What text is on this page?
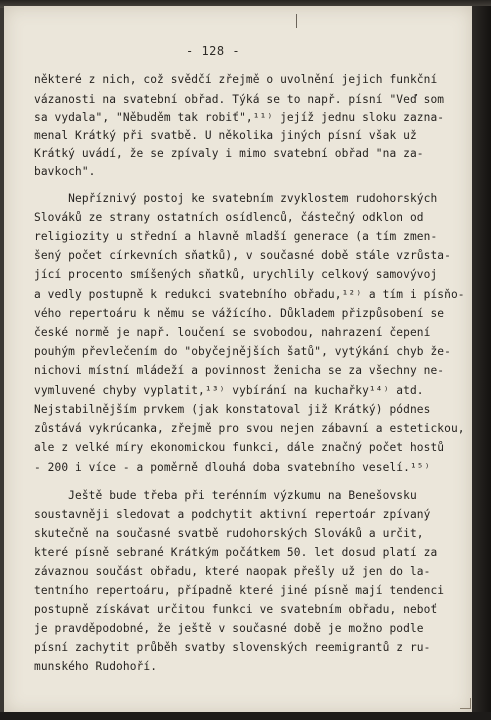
- 128 -
některé z nich, což svědčí zřejmě o uvolnění jejich funkční
vázanosti na svatební obřad. Týká se to např. písní "Veď som
sa vydala", "Něbuděm tak robiť",¹¹⁾ jejíž jednu sloku zazna-
menal Krátký při svatbě. U několika jiných písní však už
Krátký uvádí, že se zpívaly i mimo svatební obřad "na za-
bavkoch".
Nepříznivý postoj ke svatebním zvyklostem rudohorských
Slováků ze strany ostatních osídlenců, částečný odklon od
religiozity u střední a hlavně mladší generace (a tím zmen-
šený počet církevních sňatků), v současné době stále vzrůsta-
jící procento smíšených sňatků, urychlily celkový samovývoj
a vedly postupně k redukci svatebního obřadu,¹²⁾ a tím i písňo-
vého repertoáru k němu se vážícího. Důkladem přizpůsobení se
české normě je např. loučení se svobodou, nahrazení čepení
pouhým převlečením do "obyčejnějších šatů", vytýkání chyb že-
nichovi místní mládeží a povinnost ženicha se za všechny ne-
vymluvené chyby vyplatit,¹³⁾ vybírání na kuchařky¹⁴⁾ atd.
Nejstabilnějším prvkem (jak konstatoval již Krátký) pódnes
zůstává vykrúcanka, zřejmě pro svou nejen zábavní a estetickou,
ale z velké míry ekonomickou funkci, dále značný počet hostů
- 200 i více - a poměrně dlouhá doba svatebního veselí.¹⁵⁾
Ještě bude třeba při terénním výzkumu na Benešovsku
soustavněji sledovat a podchytit aktivní repertoár zpívaný
skutečně na současné svatbě rudohorských Slováků a určit,
které písně sebrané Krátkým počátkem 50. let dosud platí za
závaznou součást obřadu, které naopak přešly už jen do la-
tentního repertoáru, případně které jiné písně mají tendenci
postupně získávat určitou funkci ve svatebním obřadu, neboť
je pravděpodobné, že ještě v současné době je možno podle
písní zachytit průběh svatby slovenských reemigrantů z ru-
munského Rudohoří.
